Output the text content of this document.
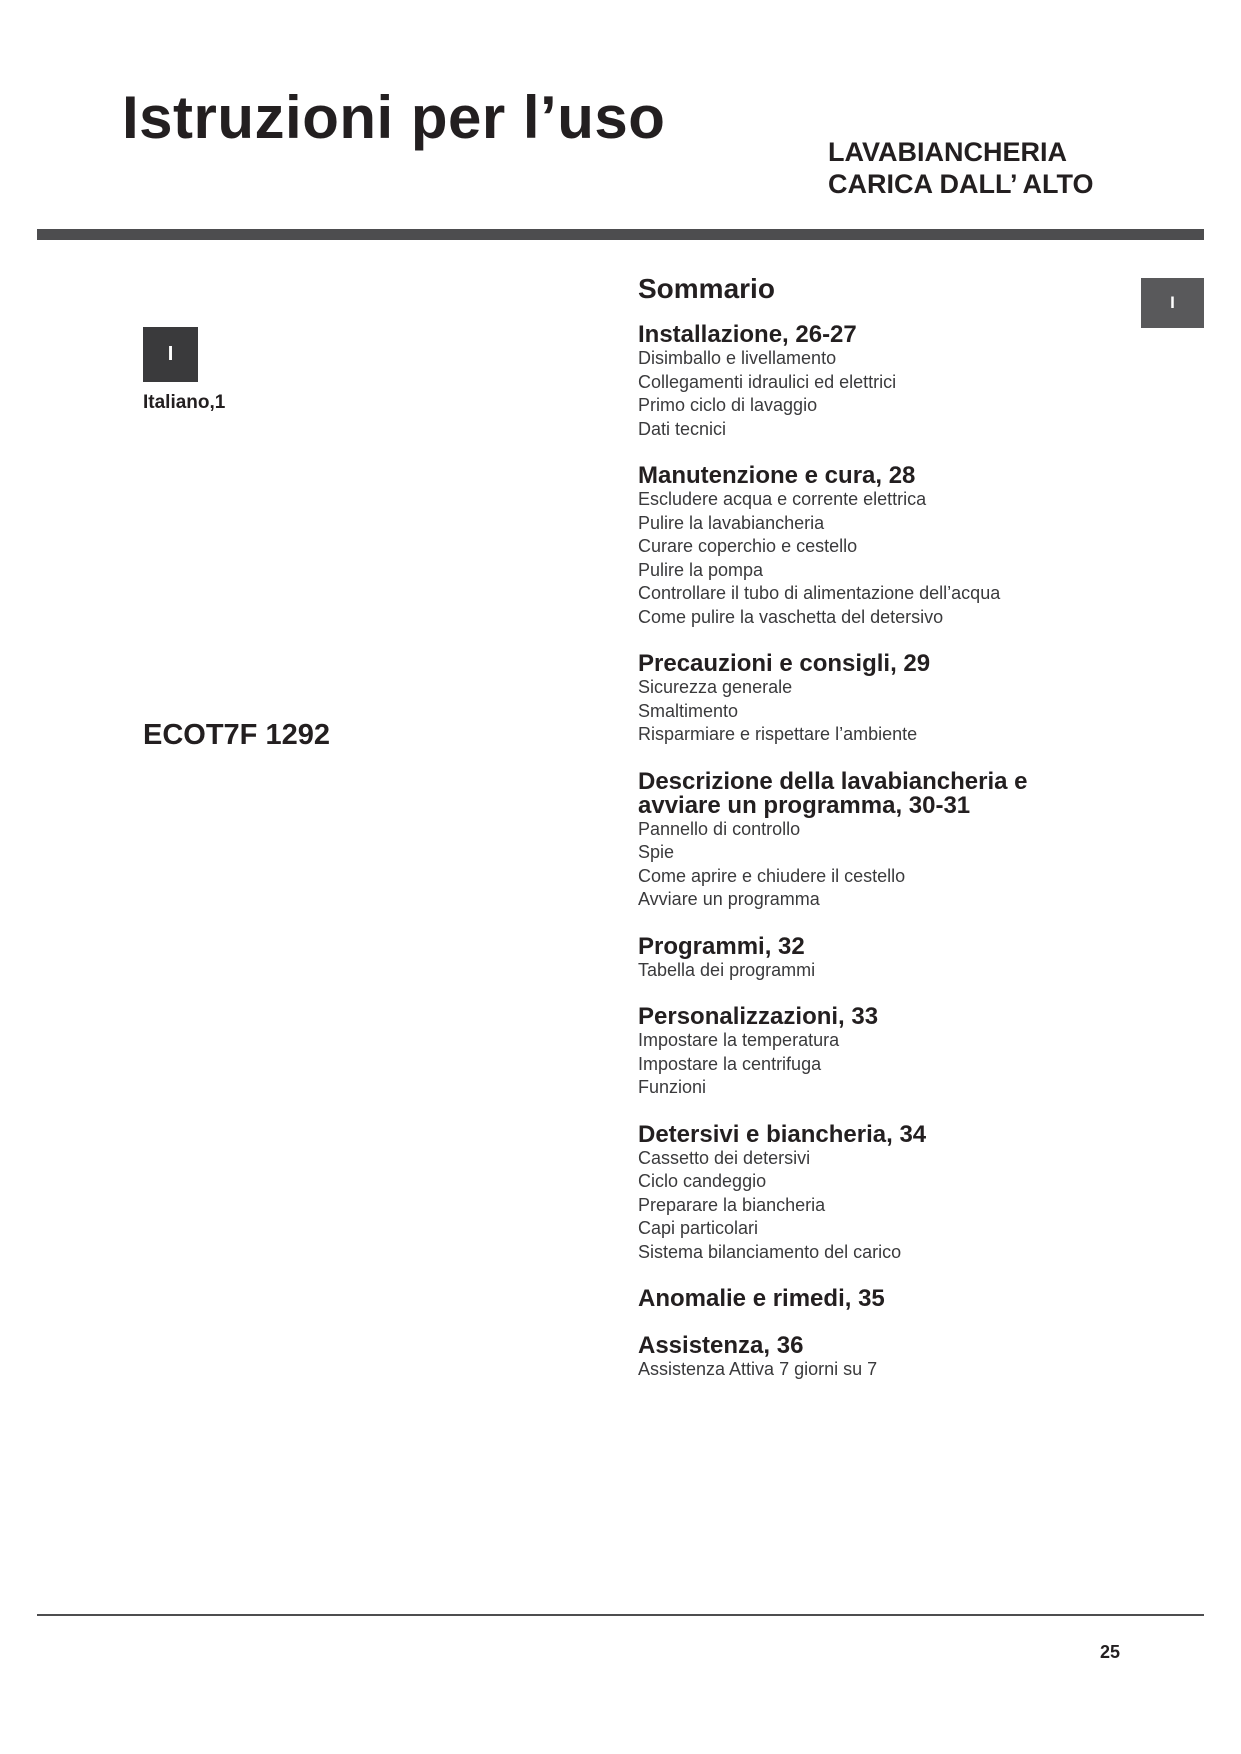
Istruzioni per l’uso
LAVABIANCHERIA
CARICA DALL’ ALTO
I
Italiano,1
ECOT7F 1292
I
Sommario
Installazione, 26-27
Disimballo e livellamento
Collegamenti idraulici ed elettrici
Primo ciclo di lavaggio
Dati tecnici
Manutenzione e cura, 28
Escludere acqua e corrente elettrica
Pulire la lavabiancheria
Curare coperchio e cestello
Pulire la pompa
Controllare il tubo di alimentazione dell’acqua
Come pulire la vaschetta del detersivo
Precauzioni e consigli, 29
Sicurezza generale
Smaltimento
Risparmiare e rispettare l’ambiente
Descrizione della lavabiancheria e
avviare un programma, 30-31
Pannello di controllo
Spie
Come aprire e chiudere il cestello
Avviare un programma
Programmi, 32
Tabella dei programmi
Personalizzazioni, 33
Impostare la temperatura
Impostare la centrifuga
Funzioni
Detersivi e biancheria, 34
Cassetto dei detersivi
Ciclo candeggio
Preparare la biancheria
Capi particolari
Sistema bilanciamento del carico
Anomalie e rimedi, 35
Assistenza, 36
Assistenza Attiva 7 giorni su 7
25
